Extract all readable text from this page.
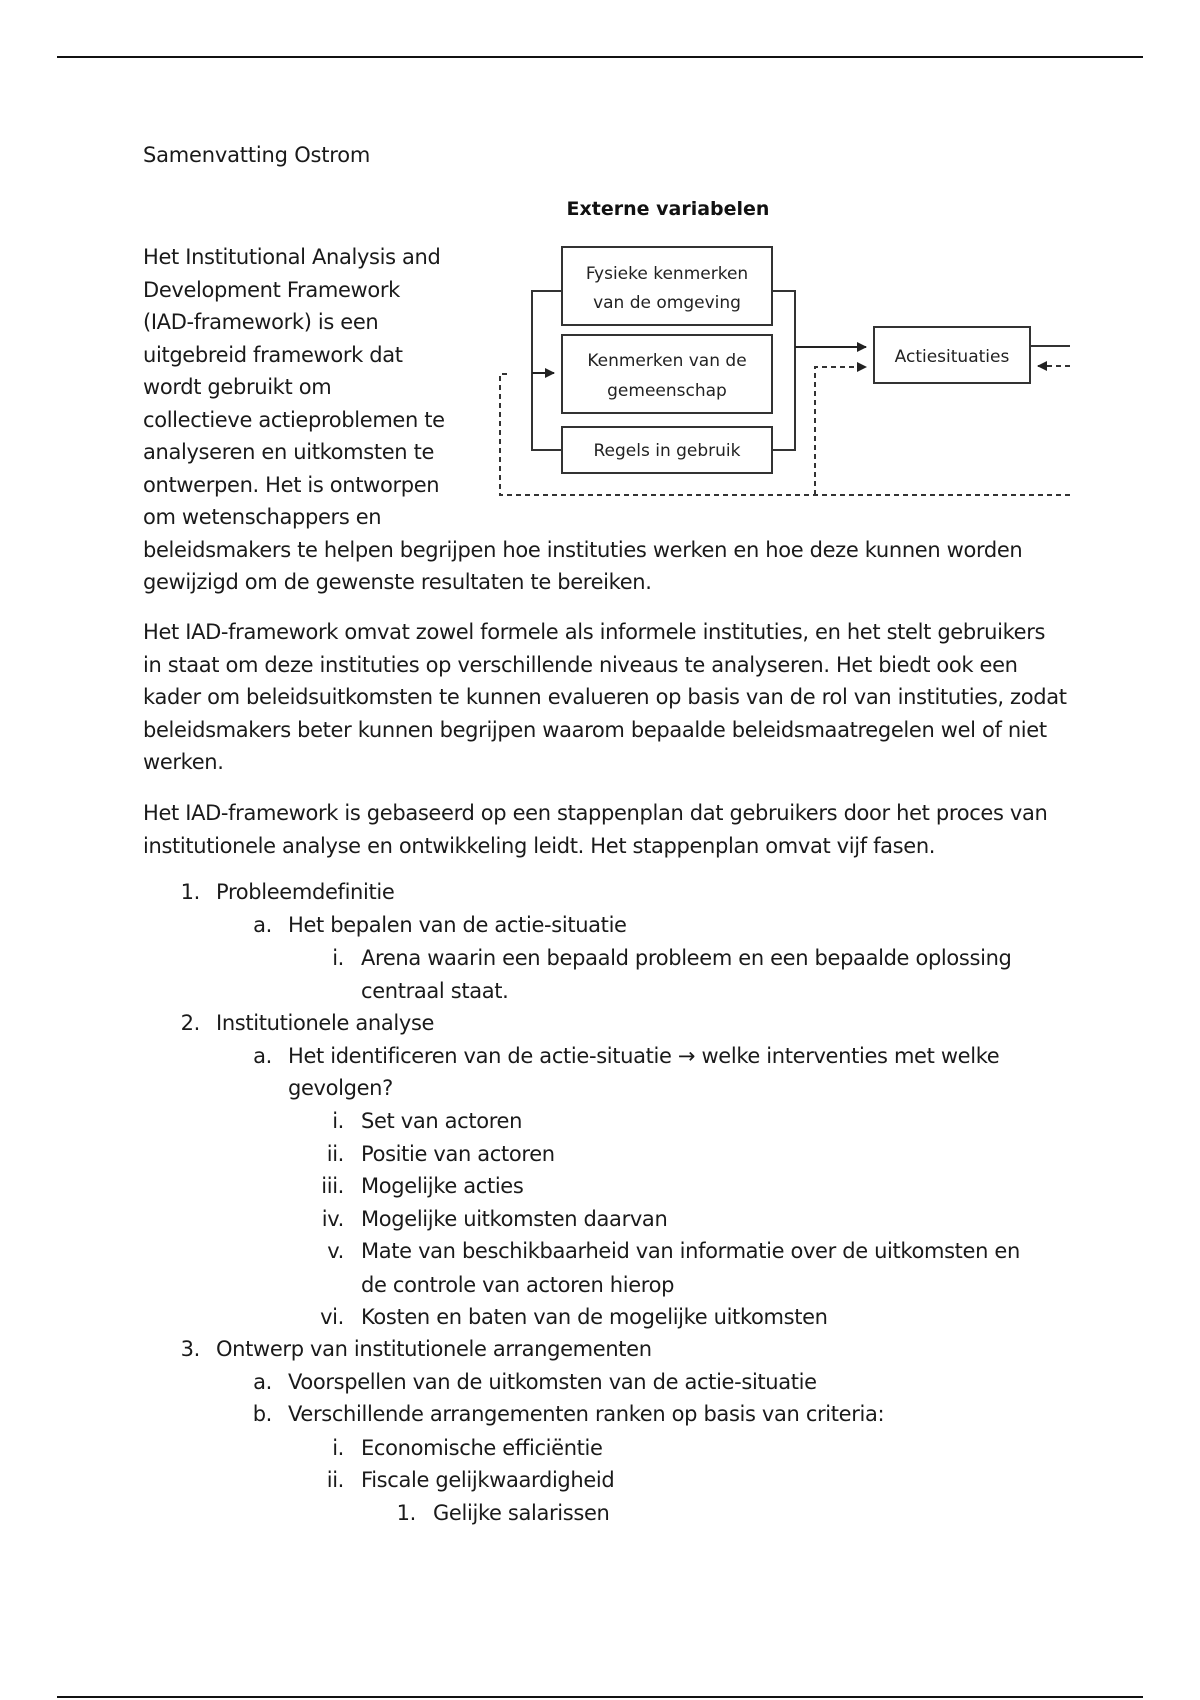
Samenvatting Ostrom
Externe variabelen
Fysieke kenmerken
van de omgeving
Kenmerken van de
gemeenschap
Regels in gebruik
Actiesituaties
Het Institutional Analysis and
Development Framework
(IAD-framework) is een
uitgebreid framework dat
wordt gebruikt om
collectieve actieproblemen te
analyseren en uitkomsten te
ontwerpen. Het is ontworpen
om wetenschappers en
beleidsmakers te helpen begrijpen hoe instituties werken en hoe deze kunnen worden
gewijzigd om de gewenste resultaten te bereiken.
Het IAD-framework omvat zowel formele als informele instituties, en het stelt gebruikers in staat om deze instituties op verschillende niveaus te analyseren. Het biedt ook een kader om beleidsuitkomsten te kunnen evalueren op basis van de rol van instituties, zodat beleidsmakers beter kunnen begrijpen waarom bepaalde beleidsmaatregelen wel of niet werken.
Het IAD-framework is gebaseerd op een stappenplan dat gebruikers door het proces van institutionele analyse en ontwikkeling leidt. Het stappenplan omvat vijf fasen.
1. Probleemdefinitie
a. Het bepalen van de actie-situatie
i. Arena waarin een bepaald probleem en een bepaalde oplossing
centraal staat.
2. Institutionele analyse
a. Het identificeren van de actie-situatie → welke interventies met welke
gevolgen?
i. Set van actoren
ii. Positie van actoren
iii. Mogelijke acties
iv. Mogelijke uitkomsten daarvan
v. Mate van beschikbaarheid van informatie over de uitkomsten en
de controle van actoren hierop
vi. Kosten en baten van de mogelijke uitkomsten
3. Ontwerp van institutionele arrangementen
a. Voorspellen van de uitkomsten van de actie-situatie
b. Verschillende arrangementen ranken op basis van criteria:
i. Economische efficiëntie
ii. Fiscale gelijkwaardigheid
1. Gelijke salarissen
